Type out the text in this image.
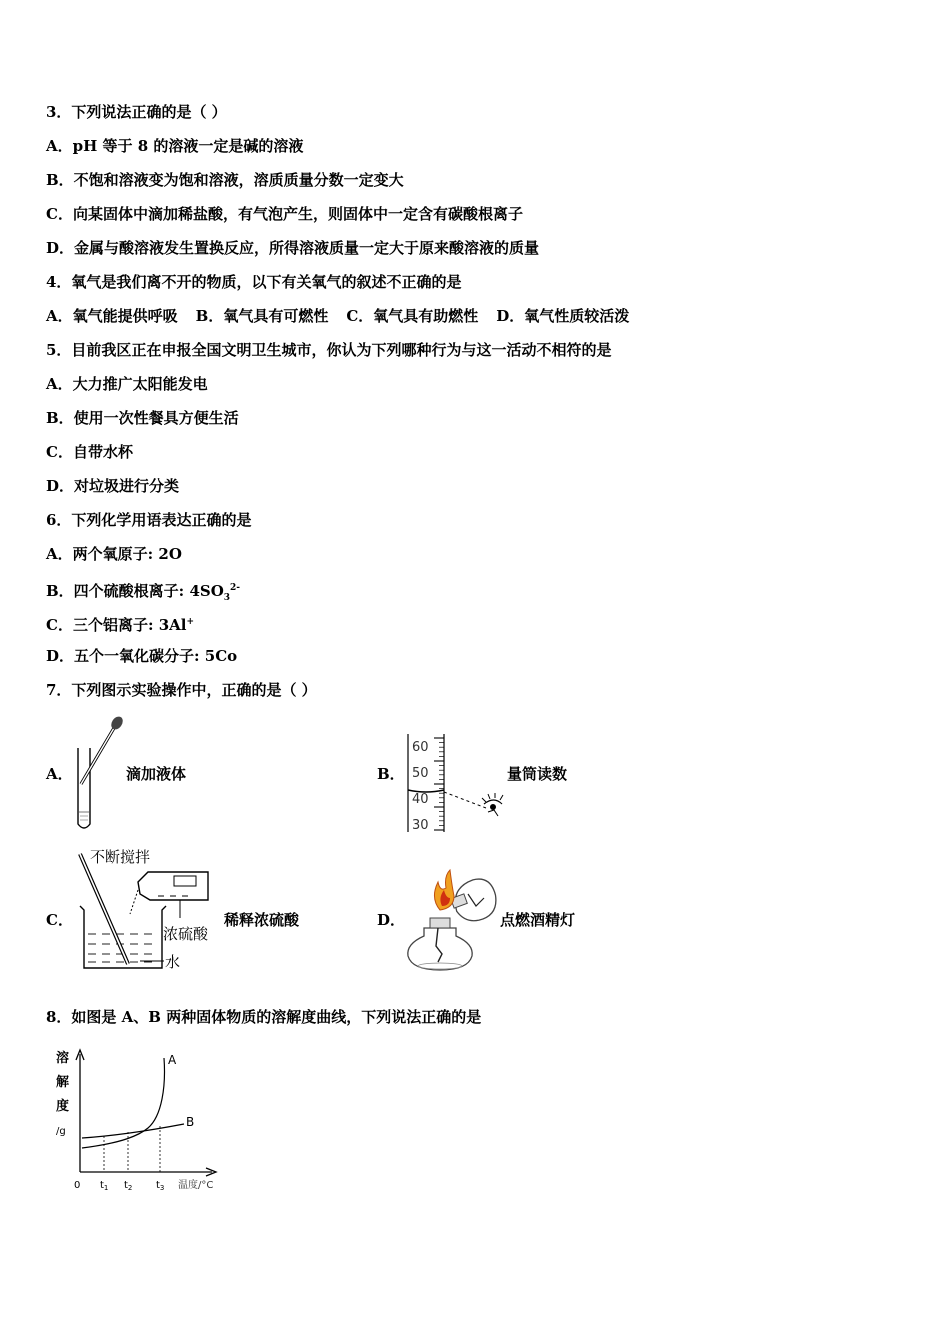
3．下列说法正确的是（ ）
A．pH 等于 8 的溶液一定是碱的溶液
B．不饱和溶液变为饱和溶液，溶质质量分数一定变大
C．向某固体中滴加稀盐酸，有气泡产生，则固体中一定含有碳酸根离子
D．金属与酸溶液发生置换反应，所得溶液质量一定大于原来酸溶液的质量
4．氧气是我们离不开的物质，以下有关氧气的叙述不正确的是
A．氧气能提供呼吸 B．氧气具有可燃性 C．氧气具有助燃性 D．氧气性质较活泼
5．目前我区正在申报全国文明卫生城市，你认为下列哪种行为与这一活动不相符的是
A．大力推广太阳能发电
B．使用一次性餐具方便生活
C．自带水杯
D．对垃圾进行分类
6．下列化学用语表达正确的是
A．两个氧原子: 2O
B．四个硫酸根离子: $4SO_3^{2-}$
C．三个铝离子: 3Al+
D．五个一氧化碳分子: 5Co
7．下列图示实验操作中，正确的是（ ）
A．	滴加液体	B．
60
50
40
30
量筒读数
C．
不断搅拌
浓硫酸
水
稀释浓硫酸	D．	点燃酒精灯
8．如图是 A、B 两种固体物质的溶解度曲线，下列说法正确的是
溶
解
度
/g
0 $t_1$ $t_2$ $t_3$
A
B
温度/°C
